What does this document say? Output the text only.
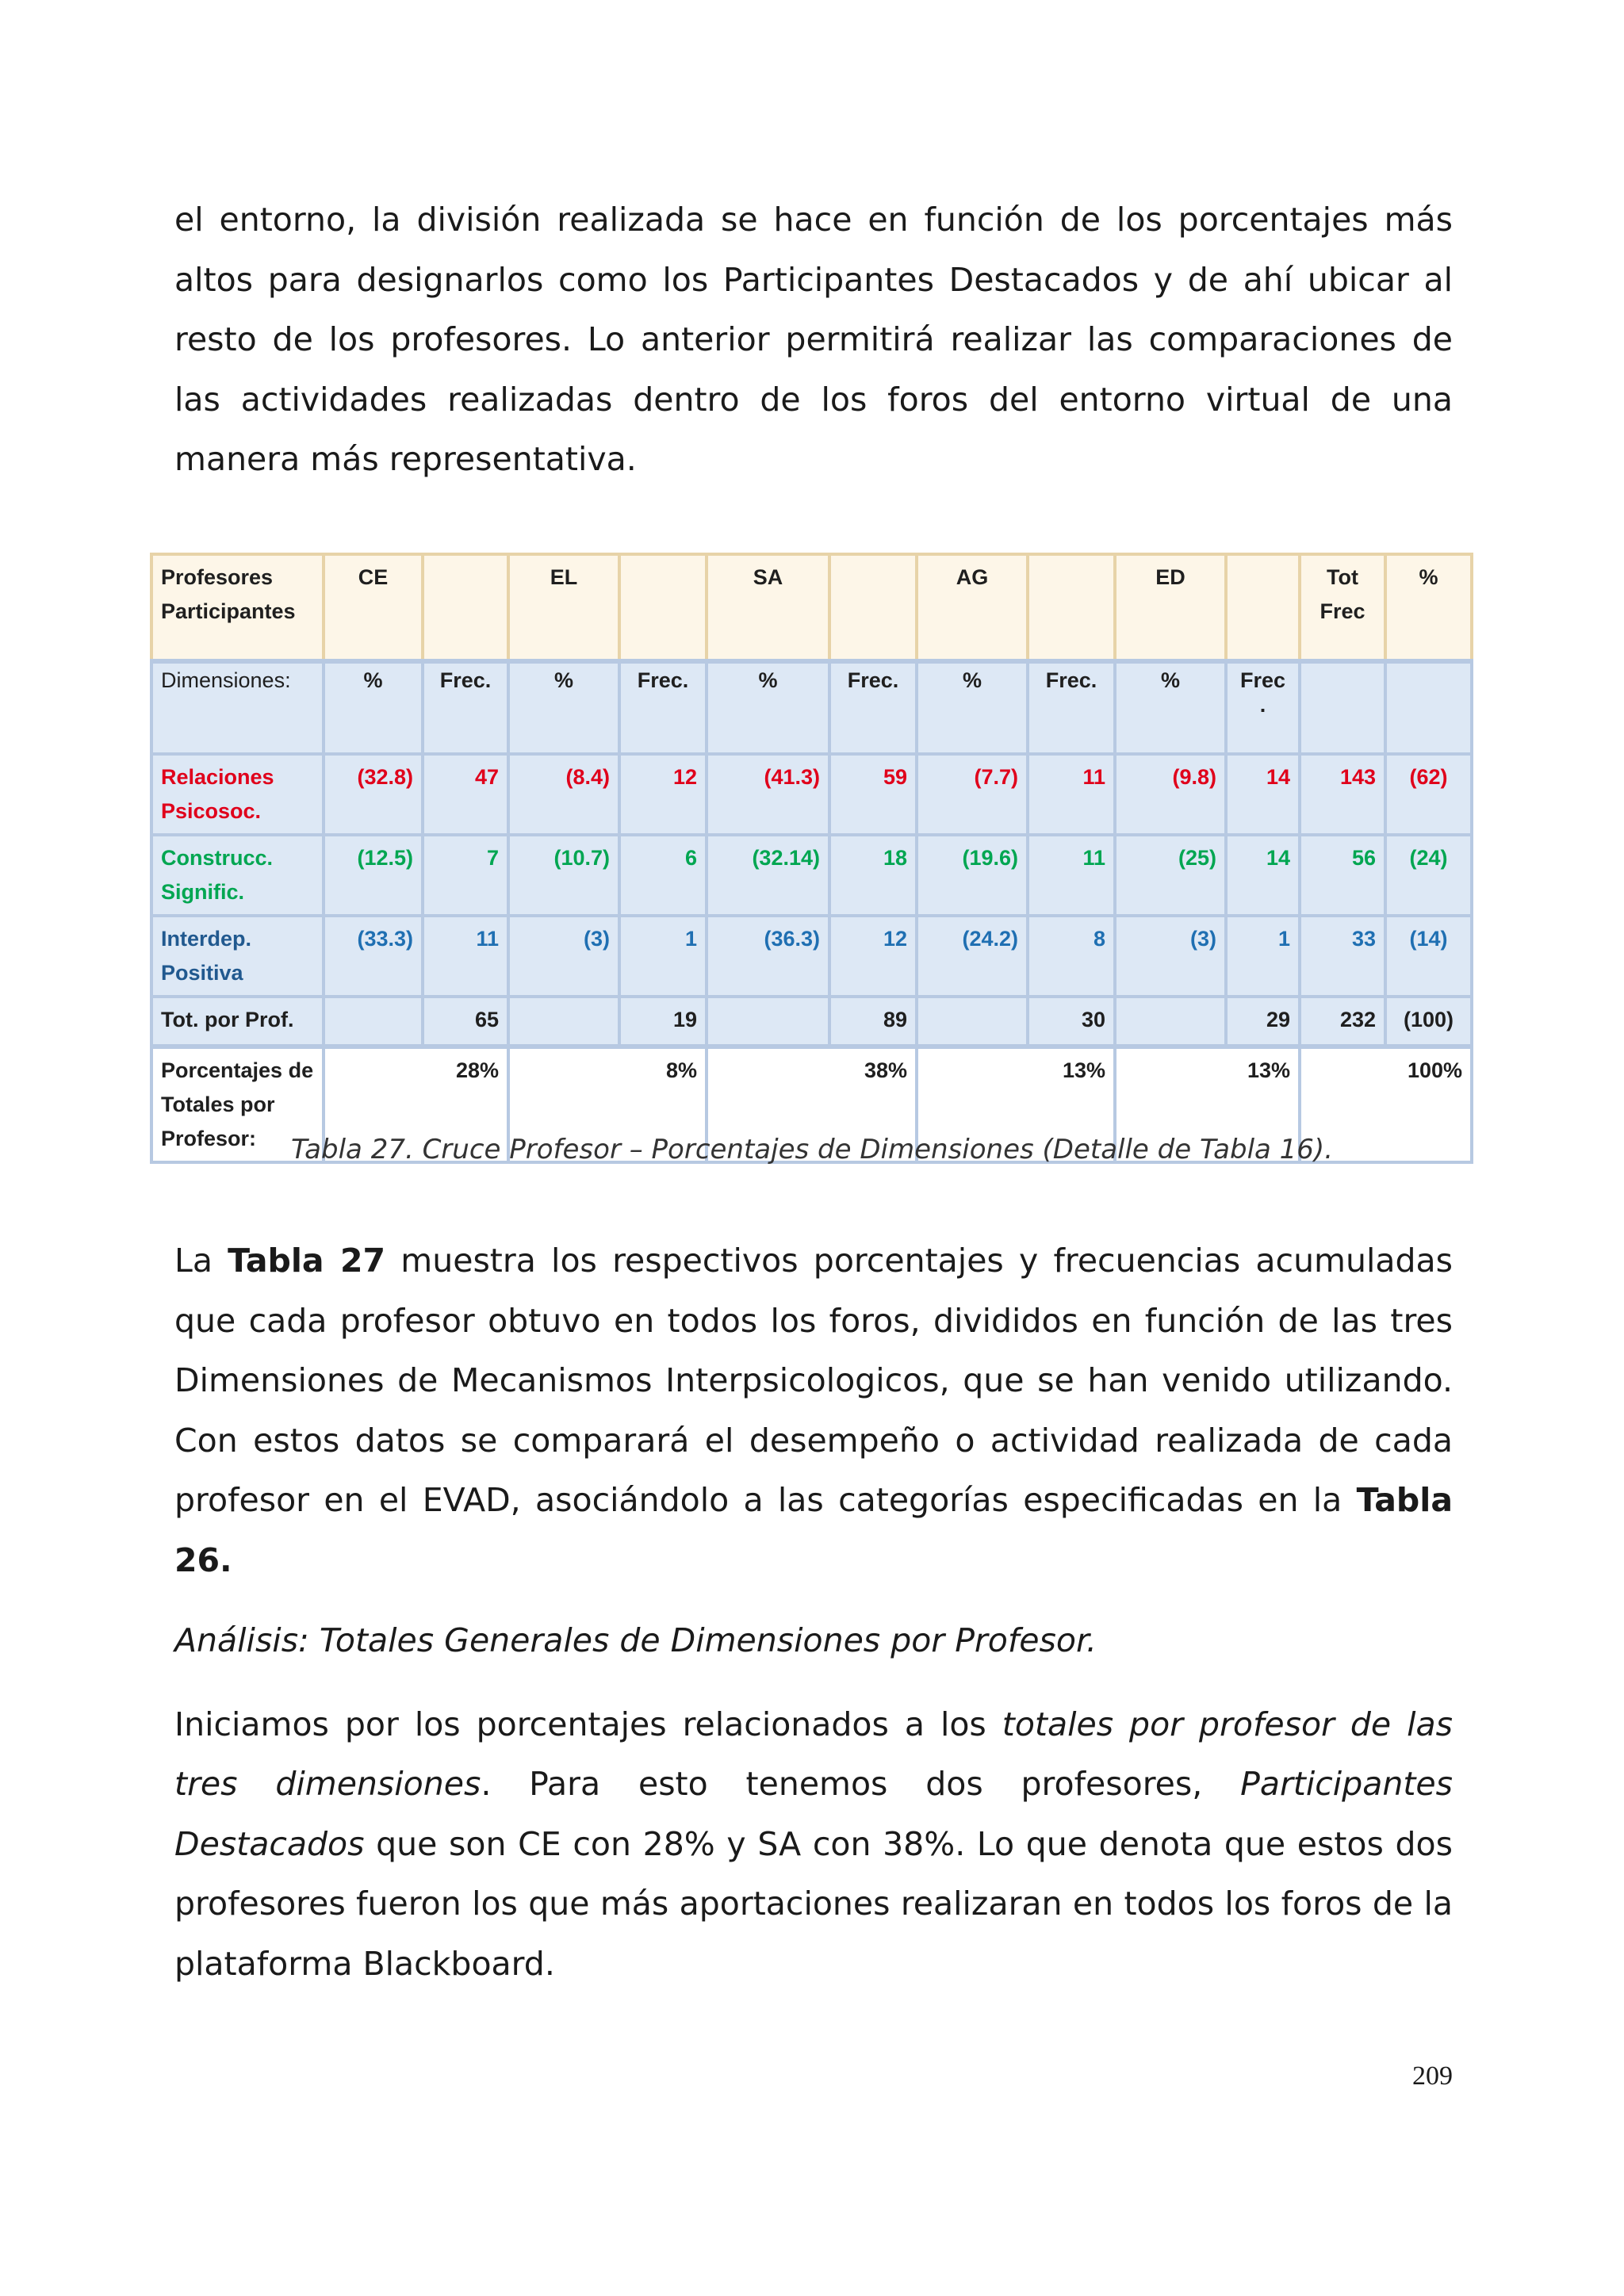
el entorno, la división realizada se hace en función de los porcentajes más altos para designarlos como los Participantes Destacados y de ahí ubicar al resto de los profesores. Lo anterior permitirá realizar las comparaciones de las actividades realizadas dentro de los foros del entorno virtual de una manera más representativa.

Profesores Participantes	CE		EL		SA		AG		ED		Tot Frec	%
Dimensiones:	%	Frec.	%	Frec.	%	Frec.	%	Frec.	%	Frec .		
Relaciones Psicosoc.	(32.8)	47	(8.4)	12	(41.3)	59	(7.7)	11	(9.8)	14	143	(62)
Construcc. Signific.	(12.5)	7	(10.7)	6	(32.14)	18	(19.6)	11	(25)	14	56	(24)
Interdep. Positiva	(33.3)	11	(3)	1	(36.3)	12	(24.2)	8	(3)	1	33	(14)
Tot. por Prof.		65		19		89		30		29	232	(100)
Porcentajes de Totales por Profesor:	28%		8%		38%		13%		13%		100%	
Tabla 27. Cruce Profesor – Porcentajes de Dimensiones (Detalle de Tabla 16).

La Tabla 27 muestra los respectivos porcentajes y frecuencias acumuladas que cada profesor obtuvo en todos los foros, divididos en función de las tres Dimensiones de Mecanismos Interpsicologicos, que se han venido utilizando. Con estos datos se comparará el desempeño o actividad realizada de cada profesor en el EVAD, asociándolo a las categorías especificadas en la Tabla 26.

Análisis: Totales Generales de Dimensiones por Profesor.

Iniciamos por los porcentajes relacionados a los totales por profesor de las tres dimensiones. Para esto tenemos dos profesores, Participantes Destacados que son CE con 28% y SA con 38%. Lo que denota que estos dos profesores fueron los que más aportaciones realizaran en todos los foros de la plataforma Blackboard.

209
